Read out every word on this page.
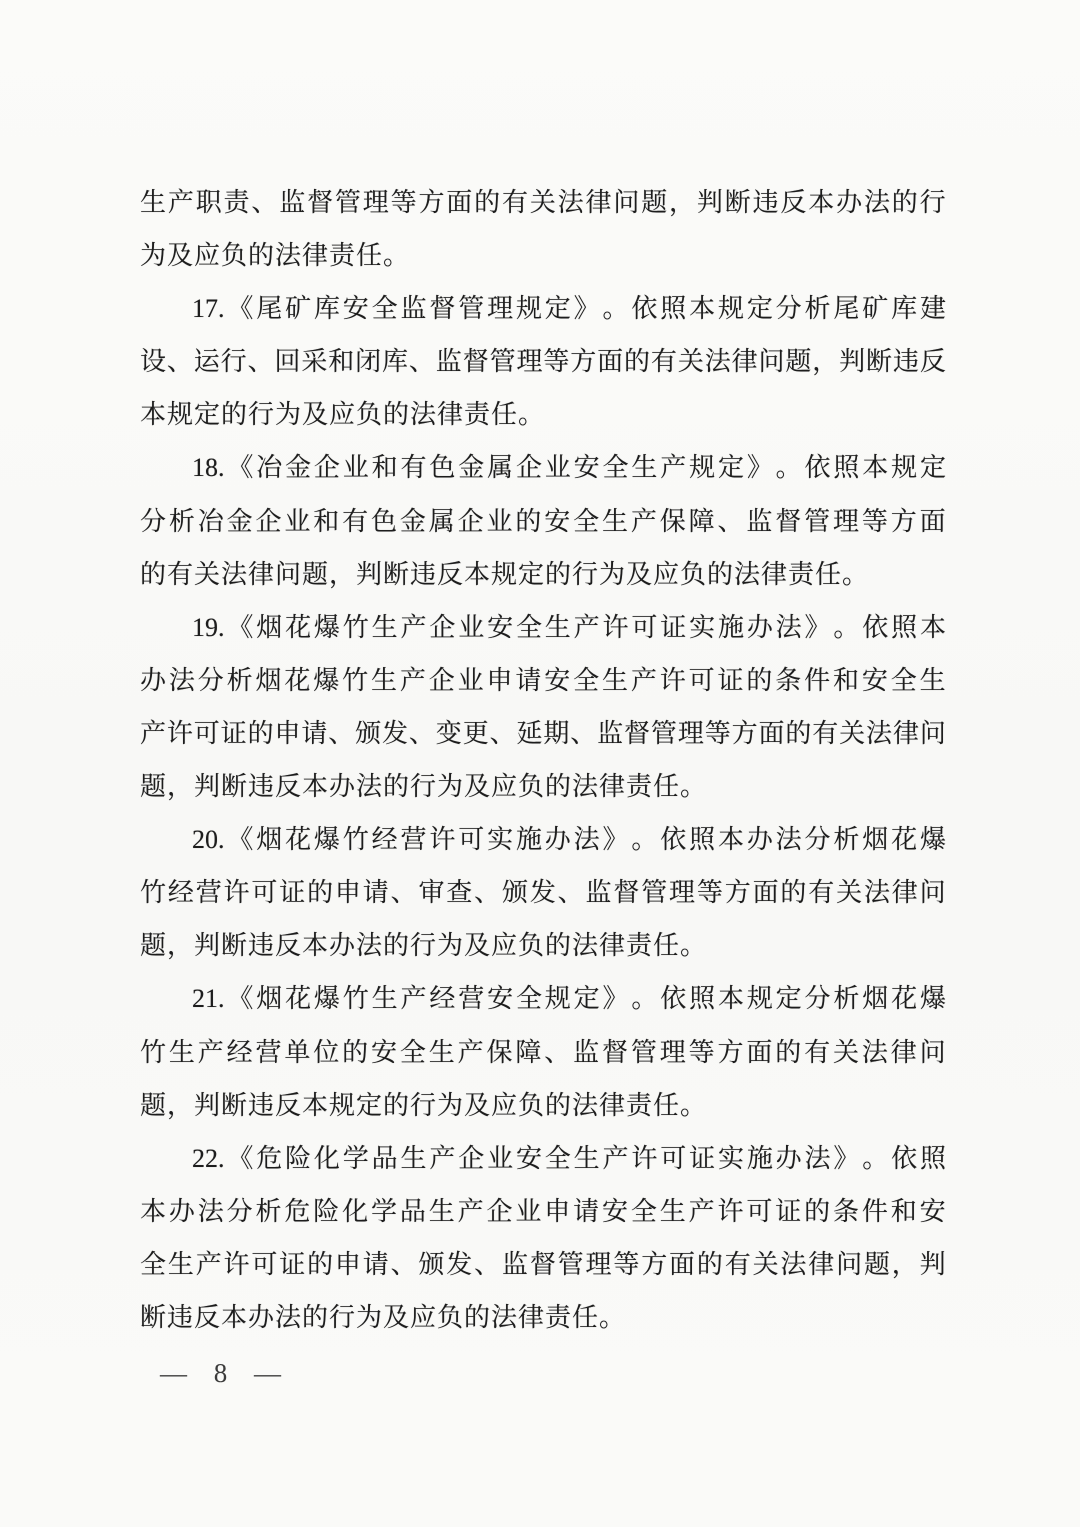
生 产 职 责 、 监 督 管 理 等 方 面 的 有 关 法 律 问 题 ， 判 断 违 反 本 办 法 的 行
为及应负的法律责任。
17. 《 尾 矿 库 安 全 监 督 管 理 规 定 》 。 依 照 本 规 定 分 析 尾 矿 库 建
设 、 运 行 、 回 采 和 闭 库 、 监 督 管 理 等 方 面 的 有 关 法 律 问 题 ， 判 断 违 反
本规定的行为及应负的法律责任。
18. 《 冶 金 企 业 和 有 色 金 属 企 业 安 全 生 产 规 定 》 。 依 照 本 规 定
分 析 冶 金 企 业 和 有 色 金 属 企 业 的 安 全 生 产 保 障 、 监 督 管 理 等 方 面
的有关法律问题，判断违反本规定的行为及应负的法律责任。
19. 《 烟 花 爆 竹 生 产 企 业 安 全 生 产 许 可 证 实 施 办 法 》 。 依 照 本
办 法 分 析 烟 花 爆 竹 生 产 企 业 申 请 安 全 生 产 许 可 证 的 条 件 和 安 全 生
产 许 可 证 的 申 请 、 颁 发 、 变 更 、 延 期 、 监 督 管 理 等 方 面 的 有 关 法 律 问
题，判断违反本办法的行为及应负的法律责任。
20. 《 烟 花 爆 竹 经 营 许 可 实 施 办 法 》 。 依 照 本 办 法 分 析 烟 花 爆
竹 经 营 许 可 证 的 申 请 、 审 查 、 颁 发 、 监 督 管 理 等 方 面 的 有 关 法 律 问
题，判断违反本办法的行为及应负的法律责任。
21. 《 烟 花 爆 竹 生 产 经 营 安 全 规 定 》 。 依 照 本 规 定 分 析 烟 花 爆
竹 生 产 经 营 单 位 的 安 全 生 产 保 障 、 监 督 管 理 等 方 面 的 有 关 法 律 问
题，判断违反本规定的行为及应负的法律责任。
22. 《 危 险 化 学 品 生 产 企 业 安 全 生 产 许 可 证 实 施 办 法 》 。 依 照
本 办 法 分 析 危 险 化 学 品 生 产 企 业 申 请 安 全 生 产 许 可 证 的 条 件 和 安
全 生 产 许 可 证 的 申 请 、 颁 发 、 监 督 管 理 等 方 面 的 有 关 法 律 问 题 ， 判
断违反本办法的行为及应负的法律责任。
— 8 —
